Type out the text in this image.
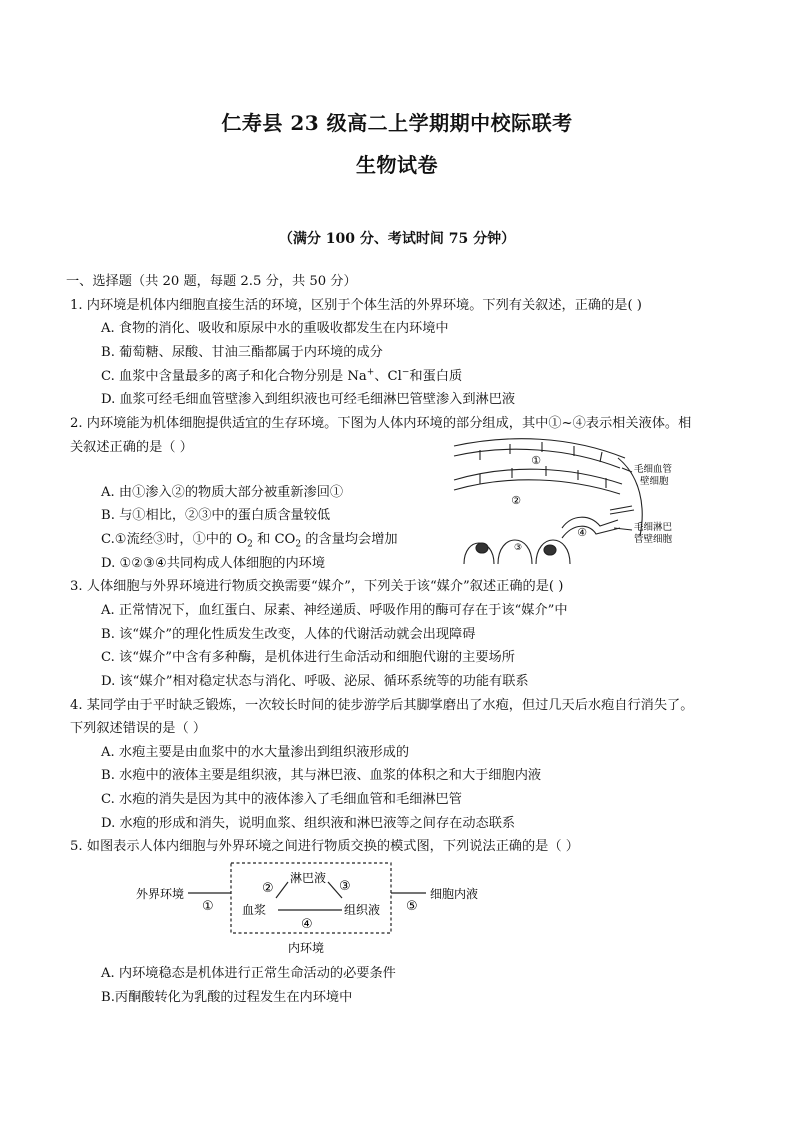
仁寿县 23 级高二上学期期中校际联考
生物试卷
（满分 100 分、考试时间 75 分钟）
一、选择题（共 20 题，每题 2.5 分，共 50 分）
1. 内环境是机体内细胞直接生活的环境，区别于个体生活的外界环境。下列有关叙述，正确的是( )
A. 食物的消化、吸收和原尿中水的重吸收都发生在内环境中
B. 葡萄糖、尿酸、甘油三酯都属于内环境的成分
C. 血浆中含量最多的离子和化合物分别是 Na+、Cl−和蛋白质
D. 血浆可经毛细血管壁渗入到组织液也可经毛细淋巴管壁渗入到淋巴液
2. 内环境能为机体细胞提供适宜的生存环境。下图为人体内环境的部分组成，其中①~④表示相关液体。相
关叙述正确的是（ ）
A. 由①渗入②的物质大部分被重新渗回①
B. 与①相比，②③中的蛋白质含量较低
C.①流经③时，①中的 $O_2$ 和 $CO_2$ 的含量均会增加
D. ①②③④共同构成人体细胞的内环境
①
②
③
④
毛细血管
壁细胞
毛细淋巴
管壁细胞
3. 人体细胞与外界环境进行物质交换需要“媒介”，下列关于该“媒介”叙述正确的是( )
A. 正常情况下，血红蛋白、尿素、神经递质、呼吸作用的酶可存在于该“媒介”中
B. 该“媒介”的理化性质发生改变，人体的代谢活动就会出现障碍
C. 该“媒介”中含有多种酶，是机体进行生命活动和细胞代谢的主要场所
D. 该“媒介”相对稳定状态与消化、呼吸、泌尿、循环系统等的功能有联系
4. 某同学由于平时缺乏锻炼，一次较长时间的徒步游学后其脚掌磨出了水疱，但过几天后水疱自行消失了。
下列叙述错误的是（ ）
A. 水疱主要是由血浆中的水大量渗出到组织液形成的
B. 水疱中的液体主要是组织液，其与淋巴液、血浆的体积之和大于细胞内液
C. 水疱的消失是因为其中的液体渗入了毛细血管和毛细淋巴管
D. 水疱的形成和消失，说明血浆、组织液和淋巴液等之间存在动态联系
5. 如图表示人体内细胞与外界环境之间进行物质交换的模式图，下列说法正确的是（ ）
外界环境
①
②
淋巴液
③
血浆
④
组织液 ⑤
细胞内液
内环境
A. 内环境稳态是机体进行正常生命活动的必要条件
B.丙酮酸转化为乳酸的过程发生在内环境中
